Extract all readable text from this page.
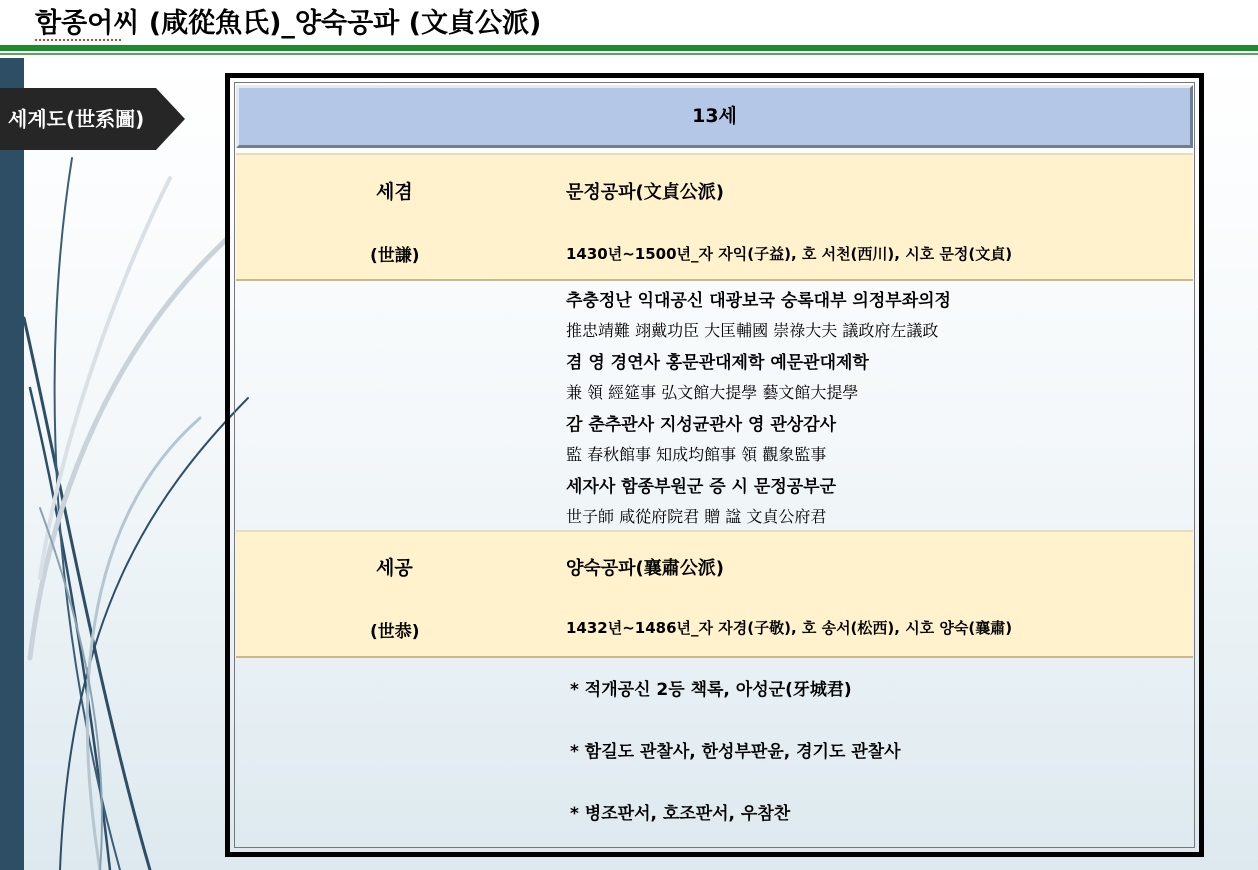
함종어씨 (咸從魚氏)_양숙공파 (文貞公派)
세계도(世系圖)	13세
세겸
(世謙)
문정공파(文貞公派)
1430년~1500년_자 자익(子益), 호 서천(西川), 시호 문정(文貞)
추충정난 익대공신 대광보국 숭록대부 의정부좌의정
推忠靖難 翊戴功臣 大匡輔國 崇祿大夫 議政府左議政
겸 영 경연사 홍문관대제학 예문관대제학
兼 領 經筵事 弘文館大提學 藝文館大提學
감 춘추관사 지성균관사 영 관상감사
監 春秋館事 知成均館事 領 觀象監事
세자사 함종부원군 증 시 문정공부군
世子師 咸從府院君 贈 諡 文貞公府君
세공
(世恭)
양숙공파(襄肅公派)
1432년~1486년_자 자경(子敬), 호 송서(松西), 시호 양숙(襄肅)
* 적개공신 2등 책록, 아성군(牙城君)
* 함길도 관찰사, 한성부판윤, 경기도 관찰사
* 병조판서, 호조판서, 우참찬
